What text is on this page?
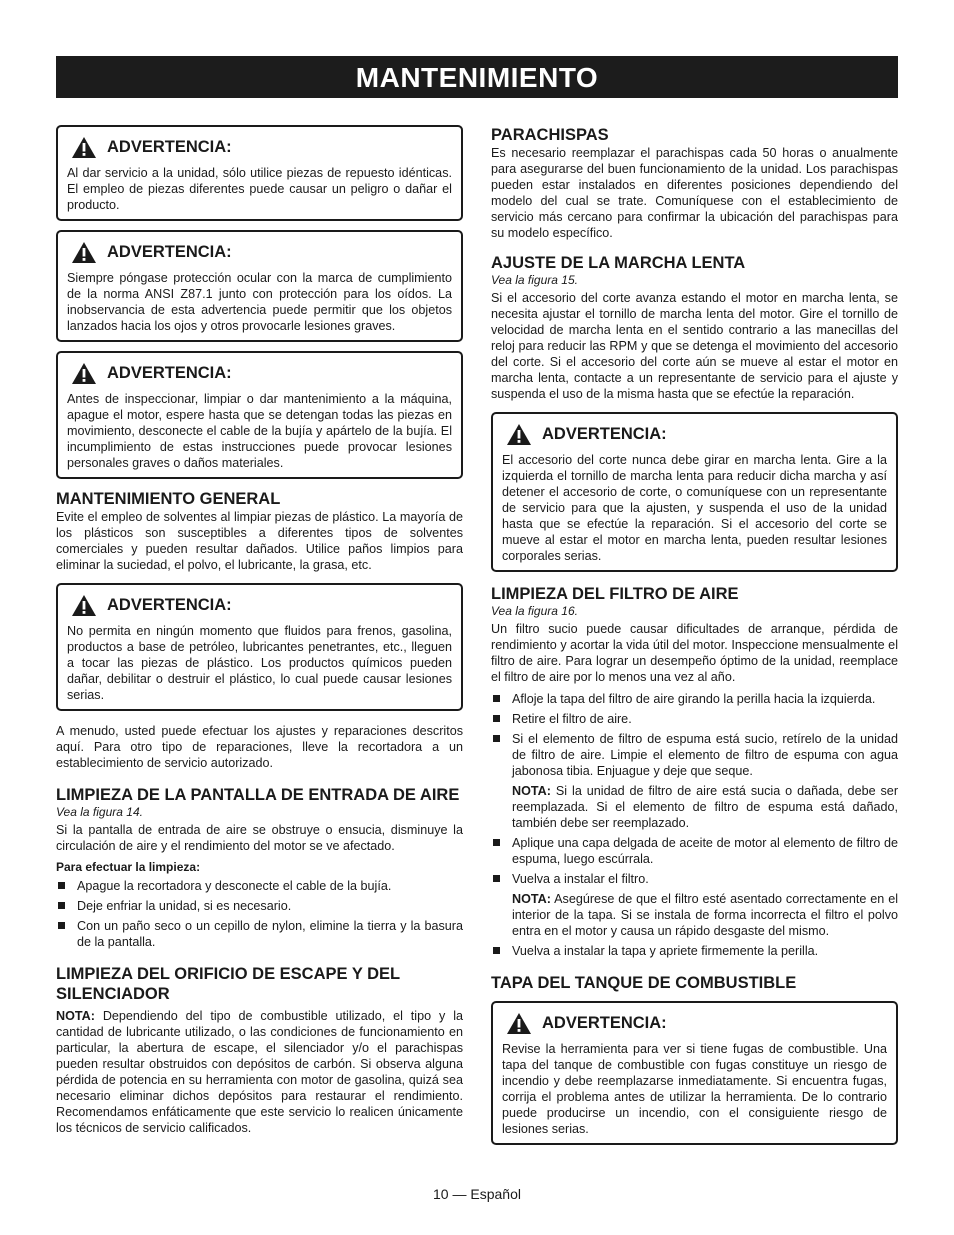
MANTENIMIENTO
ADVERTENCIA:
Al dar servicio a la unidad, sólo utilice piezas de repuesto idénticas. El empleo de piezas diferentes puede causar un peligro o dañar el producto.
ADVERTENCIA:
Siempre póngase protección ocular con la marca de cumplimiento de la norma ANSI Z87.1 junto con protección para los oídos. La inobservancia de esta advertencia puede permitir que los objetos lanzados hacia los ojos y otros provocarle lesiones graves.
ADVERTENCIA:
Antes de inspeccionar, limpiar o dar mantenimiento a la máquina, apague el motor, espere hasta que se detengan todas las piezas en movimiento, desconecte el cable de la bujía y apártelo de la bujía. El incumplimiento de estas instrucciones puede provocar lesiones personales graves o daños materiales.
MANTENIMIENTO GENERAL

Evite el empleo de solventes al limpiar piezas de plástico. La mayoría de los plásticos son susceptibles a diferentes tipos de solventes comerciales y pueden resultar dañados. Utilice paños limpios para eliminar la suciedad, el polvo, el lubricante, la grasa, etc.

ADVERTENCIA:
No permita en ningún momento que fluidos para frenos, gasolina, productos a base de petróleo, lubricantes penetrantes, etc., lleguen a tocar las piezas de plástico. Los productos químicos pueden dañar, debilitar o destruir el plástico, lo cual puede causar lesiones serias.

A menudo, usted puede efectuar los ajustes y reparaciones descritos aquí. Para otro tipo de reparaciones, lleve la recortadora a un establecimiento de servicio autorizado.

LIMPIEZA DE LA PANTALLA DE ENTRADA DE AIRE
Vea la figura 14.

Si la pantalla de entrada de aire se obstruye o ensucia, disminuye la circulación de aire y el rendimiento del motor se ve afectado.

Para efectuar la limpieza:
Apague la recortadora y desconecte el cable de la bujía.
Deje enfriar la unidad, si es necesario.
Con un paño seco o un cepillo de nylon, elimine la tierra y la basura de la pantalla.
LIMPIEZA DEL ORIFICIO DE ESCAPE Y DEL SILENCIADOR

NOTA: Dependiendo del tipo de combustible utilizado, el tipo y la cantidad de lubricante utilizado, o las condiciones de funcionamiento en particular, la abertura de escape, el silenciador y/o el parachispas pueden resultar obstruidos con depósitos de carbón. Si observa alguna pérdida de potencia en su herramienta con motor de gasolina, quizá sea necesario eliminar dichos depósitos para restaurar el rendimiento. Recomendamos enfáticamente que este servicio lo realicen únicamente los técnicos de servicio calificados.

PARACHISPAS

Es necesario reemplazar el parachispas cada 50 horas o anualmente para asegurarse del buen funcionamiento de la unidad. Los parachispas pueden estar instalados en diferentes posiciones dependiendo del modelo del cual se trate. Comuníquese con el establecimiento de servicio más cercano para confirmar la ubicación del parachispas para su modelo específico.

AJUSTE DE LA MARCHA LENTA
Vea la figura 15.

Si el accesorio del corte avanza estando el motor en marcha lenta, se necesita ajustar el tornillo de marcha lenta del motor. Gire el tornillo de velocidad de marcha lenta en el sentido contrario a las manecillas del reloj para reducir las RPM y que se detenga el movimiento del accesorio del corte. Si el accesorio del corte aún se mueve al estar el motor en marcha lenta, contacte a un representante de servicio para el ajuste y suspenda el uso de la misma hasta que se efectúe la reparación.

ADVERTENCIA:
El accesorio del corte nunca debe girar en marcha lenta. Gire a la izquierda el tornillo de marcha lenta para reducir dicha marcha y así detener el accesorio de corte, o comuníquese con un representante de servicio para que la ajusten, y suspenda el uso de la unidad hasta que se efectúe la reparación. Si el accesorio del corte se mueve al estar el motor en marcha lenta, pueden resultar lesiones corporales serias.
LIMPIEZA DEL FILTRO DE AIRE
Vea la figura 16.

Un filtro sucio puede causar dificultades de arranque, pérdida de rendimiento y acortar la vida útil del motor. Inspeccione mensualmente el filtro de aire. Para lograr un desempeño óptimo de la unidad, reemplace el filtro de aire por lo menos una vez al año.

Afloje la tapa del filtro de aire girando la perilla hacia la izquierda.
Retire el filtro de aire.
Si el elemento de filtro de espuma está sucio, retírelo de la unidad de filtro de aire. Limpie el elemento de filtro de espuma con agua jabonosa tibia. Enjuague y deje que seque.
NOTA: Si la unidad de filtro de aire está sucia o dañada, debe ser reemplazada. Si el elemento de filtro de espuma está dañado, también debe ser reemplazado.
Aplique una capa delgada de aceite de motor al elemento de filtro de espuma, luego escúrrala.
Vuelva a instalar el filtro.
NOTA: Asegúrese de que el filtro esté asentado correctamente en el interior de la tapa. Si se instala de forma incorrecta el filtro el polvo entra en el motor y causa un rápido desgaste del mismo.
Vuelva a instalar la tapa y apriete firmemente la perilla.
TAPA DEL TANQUE DE COMBUSTIBLE
ADVERTENCIA:
Revise la herramienta para ver si tiene fugas de combustible. Una tapa del tanque de combustible con fugas constituye un riesgo de incendio y debe reemplazarse inmediatamente. Si encuentra fugas, corrija el problema antes de utilizar la herramienta. De lo contrario puede producirse un incendio, con el consiguiente riesgo de lesiones serias.
10 — Español
